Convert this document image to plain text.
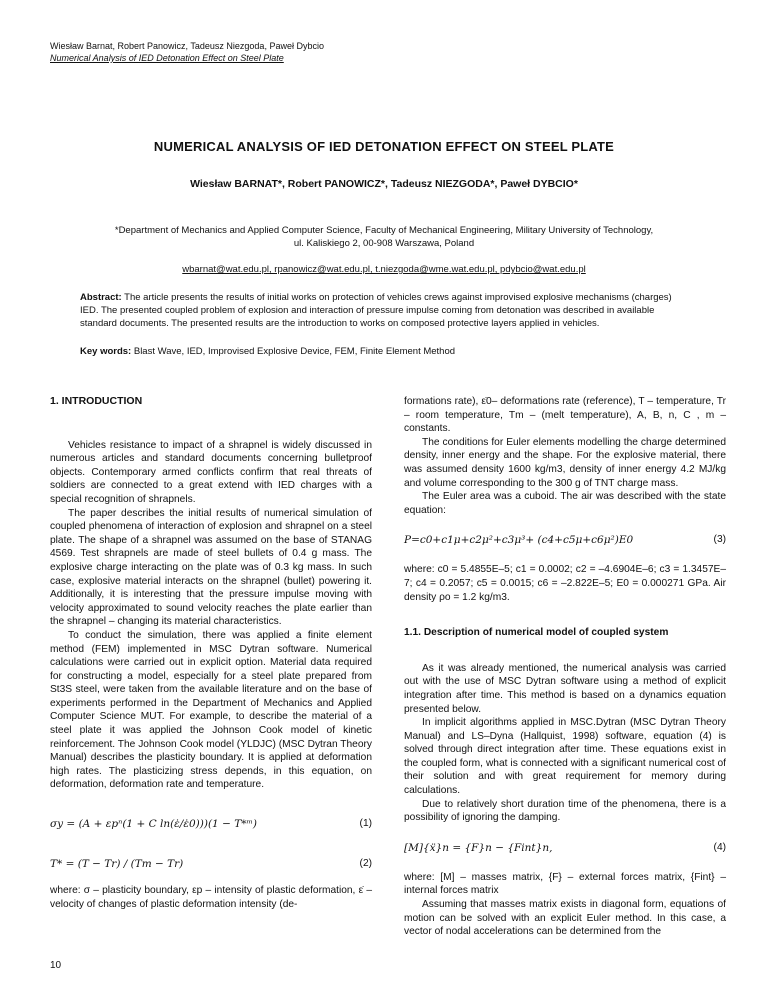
Wiesław Barnat, Robert Panowicz, Tadeusz Niezgoda, Paweł Dybcio
Numerical Analysis of IED Detonation Effect on Steel Plate
NUMERICAL ANALYSIS OF IED DETONATION EFFECT ON STEEL PLATE
Wiesław BARNAT*, Robert PANOWICZ*, Tadeusz NIEZGODA*, Paweł DYBCIO*
*Department of Mechanics and Applied Computer Science, Faculty of Mechanical Engineering, Military University of Technology,
ul. Kaliskiego 2, 00-908 Warszawa, Poland
wbarnat@wat.edu.pl, rpanowicz@wat.edu.pl, t.niezgoda@wme.wat.edu.pl, pdybcio@wat.edu.pl
Abstract: The article presents the results of initial works on protection of vehicles crews against improvised explosive mechanisms (charges) IED. The presented coupled problem of explosion and interaction of pressure impulse coming from detonation was described in available standard documents. The presented results are the introduction to works on composed protective layers applied in vehicles.
Key words: Blast Wave, IED, Improvised Explosive Device, FEM, Finite Element Method
1. INTRODUCTION

Vehicles resistance to impact of a shrapnel is widely discussed in numerous articles and standard documents concerning bulletproof objects. Contemporary armed conflicts confirm that real threats of soldiers are connected to a great extend with IED charges with a special recognition of shrapnels.

The paper describes the initial results of numerical simulation of coupled phenomena of interaction of explosion and shrapnel on a steel plate. The shape of a shrapnel was assumed on the base of STANAG 4569. Test shrapnels are made of steel bullets of 0.4 g mass. The explosive charge interacting on the plate was of 0.3 kg mass. In such case, explosive material interacts on the shrapnel (bullet) powering it. Additionally, it is interesting that the pressure impulse moving with velocity approximated to sound velocity reaches the plate earlier than the shrapnel – changing its material characteristics.

To conduct the simulation, there was applied a finite element method (FEM) implemented in MSC Dytran software. Numerical calculations were carried out in explicit option. Material data required for constructing a model, especially for a steel plate prepared from St3S steel, were taken from the available literature and on the base of experiments performed in the Department of Mechanics and Applied Computer Science MUT. For example, to describe the material of a steel plate it was applied the Johnson Cook model of kinetic reinforcement. The Johnson Cook model (YLDJC) (MSC Dytran Theory Manual) describes the plasticity boundary. It is applied at deformation high rates. The plasticizing stress depends, in this equation, on deformation, deformation rate and temperature.

σy = (A + εpⁿ(1 + C ln(ε̇/ε̇0)))(1 − T*ᵐ)	(1)
T* = (T − Tr) / (Tm − Tr)	(2)

where: σ – plasticity boundary, εp – intensity of plastic deformation, ε̇ – velocity of changes of plastic deformation intensity (de-

formations rate), ε̇0– deformations rate (reference), T – temperature, Tr – room temperature, Tm – (melt temperature), A, B, n, C , m – constants.

The conditions for Euler elements modelling the charge determined density, inner energy and the shape. For the explosive material, there was assumed density 1600 kg/m3, density of inner energy 4.2 MJ/kg and volume corresponding to the 300 g of TNT charge mass.

The Euler area was a cuboid. The air was described with the state equation:

P=c0+c1μ+c2μ²+c3μ³+ (c4+c5μ+c6μ²)E0	(3)

where: c0 = 5.4855E–5; c1 = 0.0002; c2 = –4.6904E–6; c3 = 1.3457E–7; c4 = 0.2057; c5 = 0.0015; c6 = –2.822E–5; E0 = 0.000271 GPa. Air density ρo = 1.2 kg/m3.

1.1. Description of numerical model of coupled system

As it was already mentioned, the numerical analysis was carried out with the use of MSC Dytran software using a method of explicit integration after time. This method is based on a dynamics equation presented below.

In implicit algorithms applied in MSC.Dytran (MSC Dytran Theory Manual) and LS–Dyna (Hallquist, 1998) software, equation (4) is solved through direct integration after time. These equations exist in the coupled form, what is connected with a significant numerical cost of their solution and with great requirement for memory during calculations.

Due to relatively short duration time of the phenomena, there is a possibility of ignoring the damping.

[M]{ẍ}n = {F}n − {Fint}n,	(4)

where: [M] – masses matrix, {F} – external forces matrix, {Fint} – internal forces matrix

Assuming that masses matrix exists in diagonal form, equations of motion can be solved with an explicit Euler method. In this case, a vector of nodal accelerations can be determined from the

10
